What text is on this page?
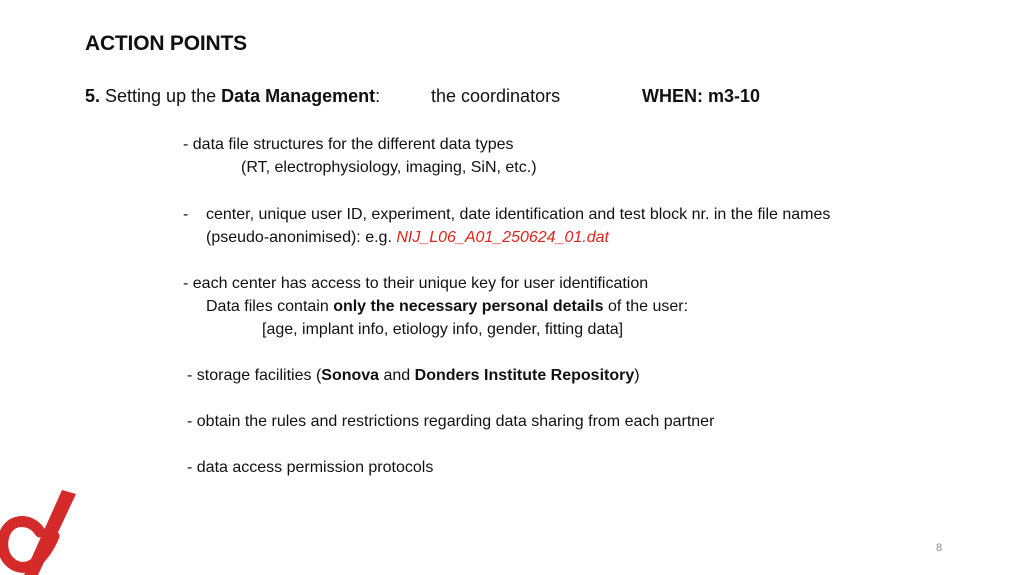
ACTION POINTS
5. Setting up the Data Management:	the coordinators	WHEN: m3-10
- data file structures for the different data types
(RT, electrophysiology, imaging, SiN, etc.)
- center, unique user ID, experiment, date identification and test block nr. in the file names
(pseudo-anonimised): e.g. NIJ_L06_A01_250624_01.dat
- each center has access to their unique key for user identification
Data files contain only the necessary personal details of the user:
[age, implant info, etiology info, gender, fitting data]
- storage facilities (Sonova and Donders Institute Repository)
- obtain the rules and restrictions regarding data sharing from each partner
- data access permission protocols
8
